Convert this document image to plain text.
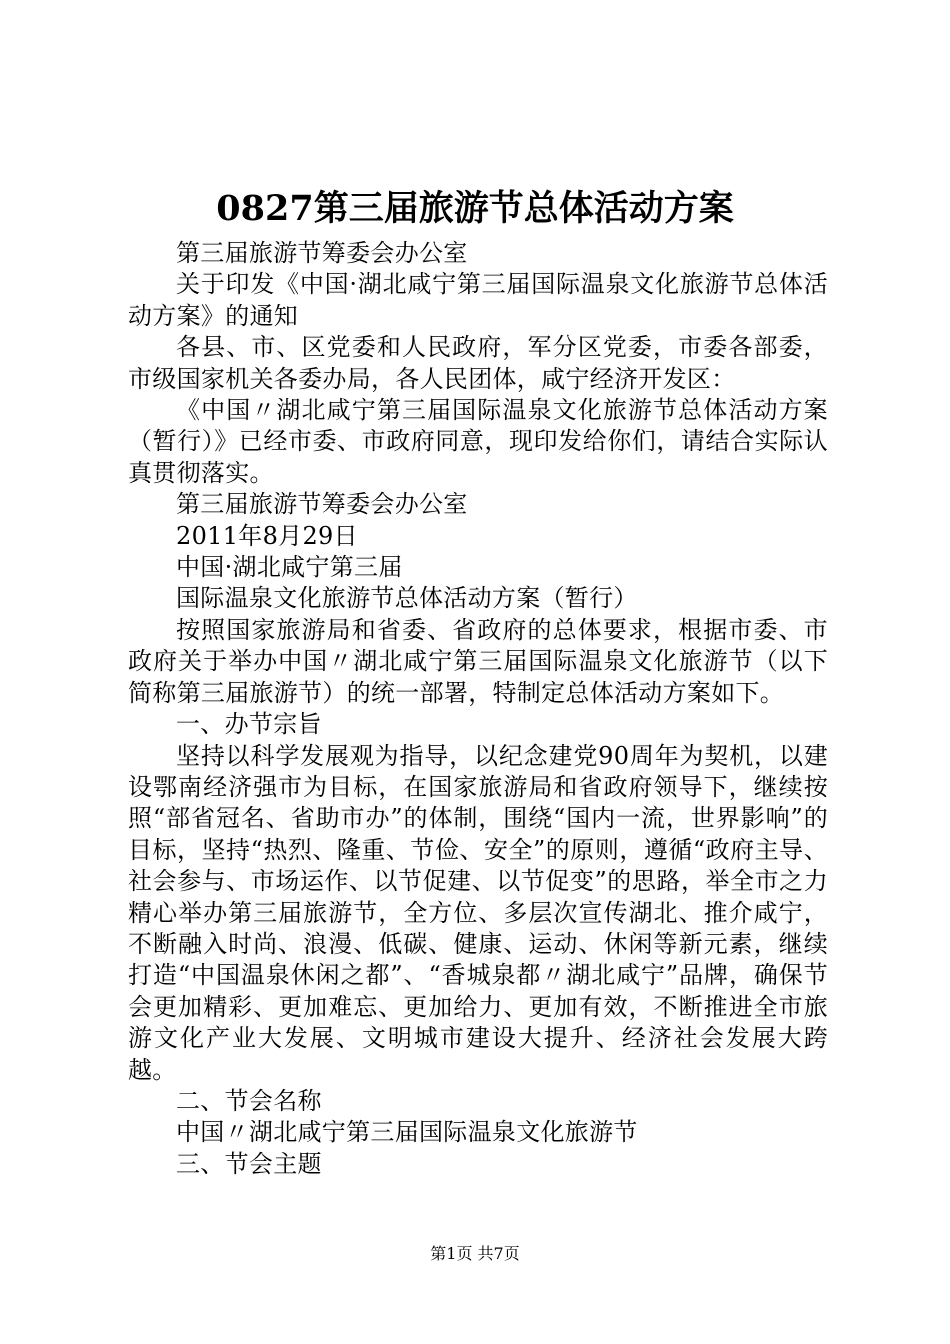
0827第三届旅游节总体活动方案

第三届旅游节筹委会办公室

关于印发《中国·湖北咸宁第三届国际温泉文化旅游节总体活动方案》的通知

各县、市、区党委和人民政府，军分区党委，市委各部委，市级国家机关各委办局，各人民团体，咸宁经济开发区：

《中国〃湖北咸宁第三届国际温泉文化旅游节总体活动方案（暂行）》已经市委、市政府同意，现印发给你们，请结合实际认真贯彻落实。

第三届旅游节筹委会办公室

2011年8月29日

中国·湖北咸宁第三届

国际温泉文化旅游节总体活动方案（暂行）

按照国家旅游局和省委、省政府的总体要求，根据市委、市政府关于举办中国〃湖北咸宁第三届国际温泉文化旅游节（以下简称第三届旅游节）的统一部署，特制定总体活动方案如下。

一、办节宗旨

坚持以科学发展观为指导，以纪念建党90周年为契机，以建设鄂南经济强市为目标，在国家旅游局和省政府领导下，继续按照“部省冠名、省助市办”的体制，围绕“国内一流，世界影响”的目标，坚持“热烈、隆重、节俭、安全”的原则，遵循“政府主导、社会参与、市场运作、以节促建、以节促变”的思路，举全市之力精心举办第三届旅游节，全方位、多层次宣传湖北、推介咸宁，不断融入时尚、浪漫、低碳、健康、运动、休闲等新元素，继续打造“中国温泉休闲之都”、“香城泉都〃湖北咸宁”品牌，确保节会更加精彩、更加难忘、更加给力、更加有效，不断推进全市旅游文化产业大发展、文明城市建设大提升、经济社会发展大跨越。

二、节会名称

中国〃湖北咸宁第三届国际温泉文化旅游节

三、节会主题

第1页 共7页
